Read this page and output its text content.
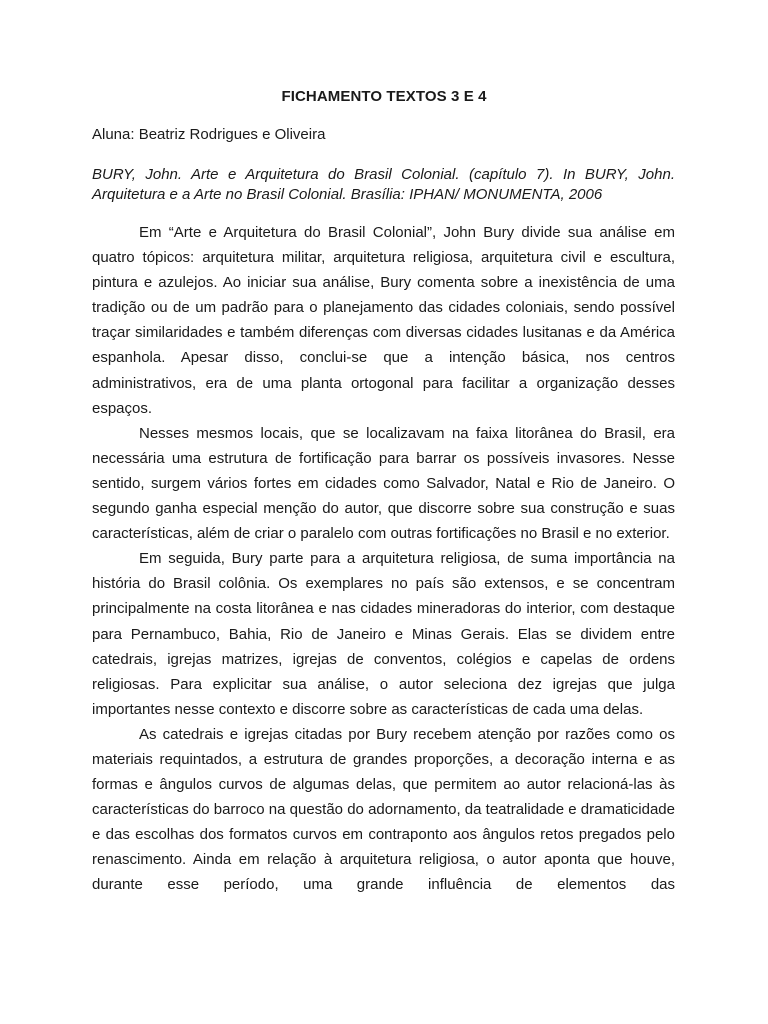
FICHAMENTO TEXTOS 3 E 4
Aluna: Beatriz Rodrigues e Oliveira
BURY, John. Arte e Arquitetura do Brasil Colonial. (capítulo 7). In BURY, John. Arquitetura e a Arte no Brasil Colonial. Brasília: IPHAN/ MONUMENTA, 2006

Em “Arte e Arquitetura do Brasil Colonial”, John Bury divide sua análise em quatro tópicos: arquitetura militar, arquitetura religiosa, arquitetura civil e escultura, pintura e azulejos. Ao iniciar sua análise, Bury comenta sobre a inexistência de uma tradição ou de um padrão para o planejamento das cidades coloniais, sendo possível traçar similaridades e também diferenças com diversas cidades lusitanas e da América espanhola. Apesar disso, conclui-se que a intenção básica, nos centros administrativos, era de uma planta ortogonal para facilitar a organização desses espaços.

Nesses mesmos locais, que se localizavam na faixa litorânea do Brasil, era necessária uma estrutura de fortificação para barrar os possíveis invasores. Nesse sentido, surgem vários fortes em cidades como Salvador, Natal e Rio de Janeiro. O segundo ganha especial menção do autor, que discorre sobre sua construção e suas características, além de criar o paralelo com outras fortificações no Brasil e no exterior.

Em seguida, Bury parte para a arquitetura religiosa, de suma importância na história do Brasil colônia. Os exemplares no país são extensos, e se concentram principalmente na costa litorânea e nas cidades mineradoras do interior, com destaque para Pernambuco, Bahia, Rio de Janeiro e Minas Gerais. Elas se dividem entre catedrais, igrejas matrizes, igrejas de conventos, colégios e capelas de ordens religiosas. Para explicitar sua análise, o autor seleciona dez igrejas que julga importantes nesse contexto e discorre sobre as características de cada uma delas.

As catedrais e igrejas citadas por Bury recebem atenção por razões como os materiais requintados, a estrutura de grandes proporções, a decoração interna e as formas e ângulos curvos de algumas delas, que permitem ao autor relacioná-las às características do barroco na questão do adornamento, da teatralidade e dramaticidade e das escolhas dos formatos curvos em contraponto aos ângulos retos pregados pelo renascimento. Ainda em relação à arquitetura religiosa, o autor aponta que houve, durante esse período, uma grande influência de elementos das
